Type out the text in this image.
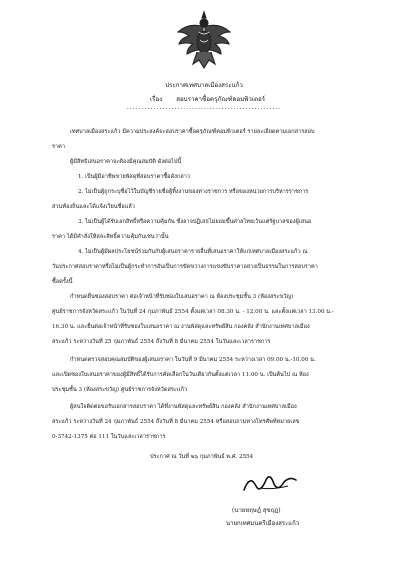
ประกาศเทศบาลเมืองสระแก้ว
เรื่อง สอบราคาซื้อครุภัณฑ์คอมพิวเตอร์
....................................................
เทศบาลเมืองสระแก้ว มีความประสงค์จะสอบราคาซื้อครุภัณฑ์คอมพิวเตอร์ รายละเอียดตามเอกสารสอบ
ราคา
ผู้มีสิทธิเสนอราคาจะต้องมีคุณสมบัติ ดังต่อไปนี้
1. เป็นผู้มีอาชีพขายพัสดุที่สอบราคาซื้อดังกล่าว
2. ไม่เป็นผู้ถูกระบุชื่อไว้ในบัญชีรายชื่อผู้ทิ้งงานของทางราชการ หรือของหน่วยการบริหารราชการ
ส่วนท้องถิ่นและได้แจ้งเวียนชื่อแล้ว
3. ไม่เป็นผู้ได้รับเอกสิทธิ์หรือความคุ้มกัน ซึ่งอาจปฏิเสธไม่ยอมขึ้นศาลไทยเว้นแต่รัฐบาลของผู้เสนอ
ราคา ได้มีคำสั่งให้สละสิทธิ์ความคุ้มกันเช่นว่านั้น
4. ไม่เป็นผู้มีผลประโยชน์ร่วมกันกับผู้เสนอราคารายอื่นที่เสนอราคาให้แก่เทศบาลเมืองสระแก้ว ณ
วันประกาศสอบราคาหรือไม่เป็นผู้กระทำการอันเป็นการขัดขวางการแข่งขันราคาอย่างเป็นธรรมในการสอบราคา
ซื้อครั้งนี้
กำหนดยื่นซองสอบราคา ต่อเจ้าหน้าที่รับซองใบเสนอราคา ณ ห้องประชุมชั้น 3 (ห้องสระขวัญ)
ศูนย์ราชการจังหวัดสระแก้ว ในวันที่ 24 กุมภาพันธ์ 2554 ตั้งแต่เวลา 08.30 น. - 12.00 น. และตั้งแต่เวลา 13.00 น.-
16.30 น. และยื่นต่อเจ้าหน้าที่รับซองใบเสนอราคา ณ งานพัสดุและทรัพย์สิน กองคลัง สำนักงานเทศบาลเมือง
สระแก้ว ระหว่างวันที่ 25 กุมภาพันธ์ 2554 ถึงวันที่ 8 มีนาคม 2554 ในวันและเวลาราชการ
กำหนดตรวจสอบคุณสมบัติของผู้เสนอราคา ในวันที่ 9 มีนาคม 2554 ระหว่างเวลา 09.00 น.-10.00 น.
และเปิดซองใบเสนอราคาของผู้มีสิทธิ์ได้รับการคัดเลือกในวันเดียวกันตั้งแต่เวลา 11.00 น. เป็นต้นไป ณ ห้อง
ประชุมชั้น 3 (ห้องสระขวัญ) ศูนย์ราชการจังหวัดสระแก้ว
ผู้สนใจติดต่อขอรับเอกสารสอบราคา ได้ที่งานพัสดุและทรัพย์สิน กองคลัง สำนักงานเทศบาลเมือง
สระแก้ว ระหว่างวันที่ 24 กุมภาพันธ์ 2554 ถึงวันที่ 8 มีนาคม 2554 หรือสอบถามทางโทรศัพท์หมายเลข
0-3742-1375 ต่อ 111 ในวันและเวลาราชการ
ประกาศ ณ วันที่ ๒๖ กุมภาพันธ์ พ.ศ. 2554
(นายหฤษฎ์ สุขฤฎ)
นายกเทศมนตรีเมืองสระแก้ว
